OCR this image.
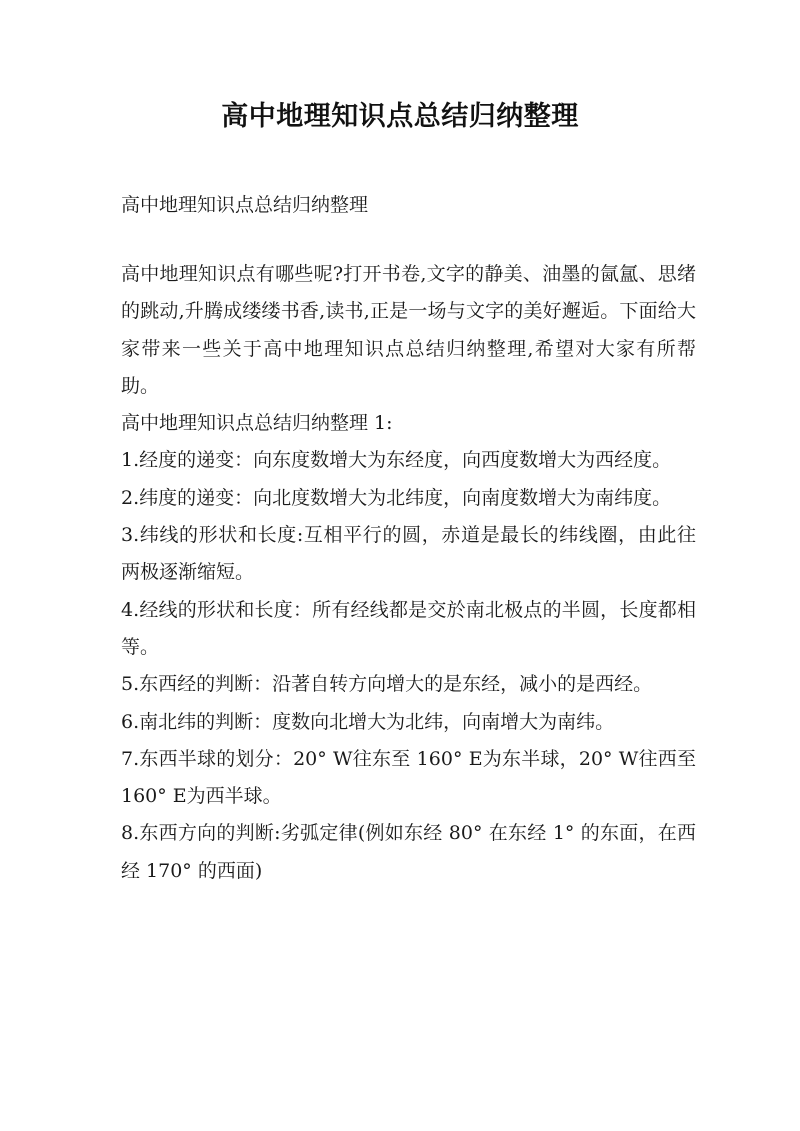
高中地理知识点总结归纳整理
高中地理知识点总结归纳整理

高中地理知识点有哪些呢?打开书卷,文字的静美、油墨的氤氲、思绪的跳动,升腾成缕缕书香,读书,正是一场与文字的美好邂逅。下面给大家带来一些关于高中地理知识点总结归纳整理,希望对大家有所帮助。

高中地理知识点总结归纳整理 1:

1.经度的递变：向东度数增大为东经度，向西度数增大为西经度。

2.纬度的递变：向北度数增大为北纬度，向南度数增大为南纬度。

3.纬线的形状和长度:互相平行的圆，赤道是最长的纬线圈，由此往两极逐渐缩短。

4.经线的形状和长度：所有经线都是交於南北极点的半圆，长度都相等。

5.东西经的判断：沿著自转方向增大的是东经，减小的是西经。

6.南北纬的判断：度数向北增大为北纬，向南增大为南纬。

7.东西半球的划分：20° W往东至 160° E为东半球，20° W往西至 160° E为西半球。

8.东西方向的判断:劣弧定律(例如东经 80° 在东经 1° 的东面，在西经 170° 的西面)
